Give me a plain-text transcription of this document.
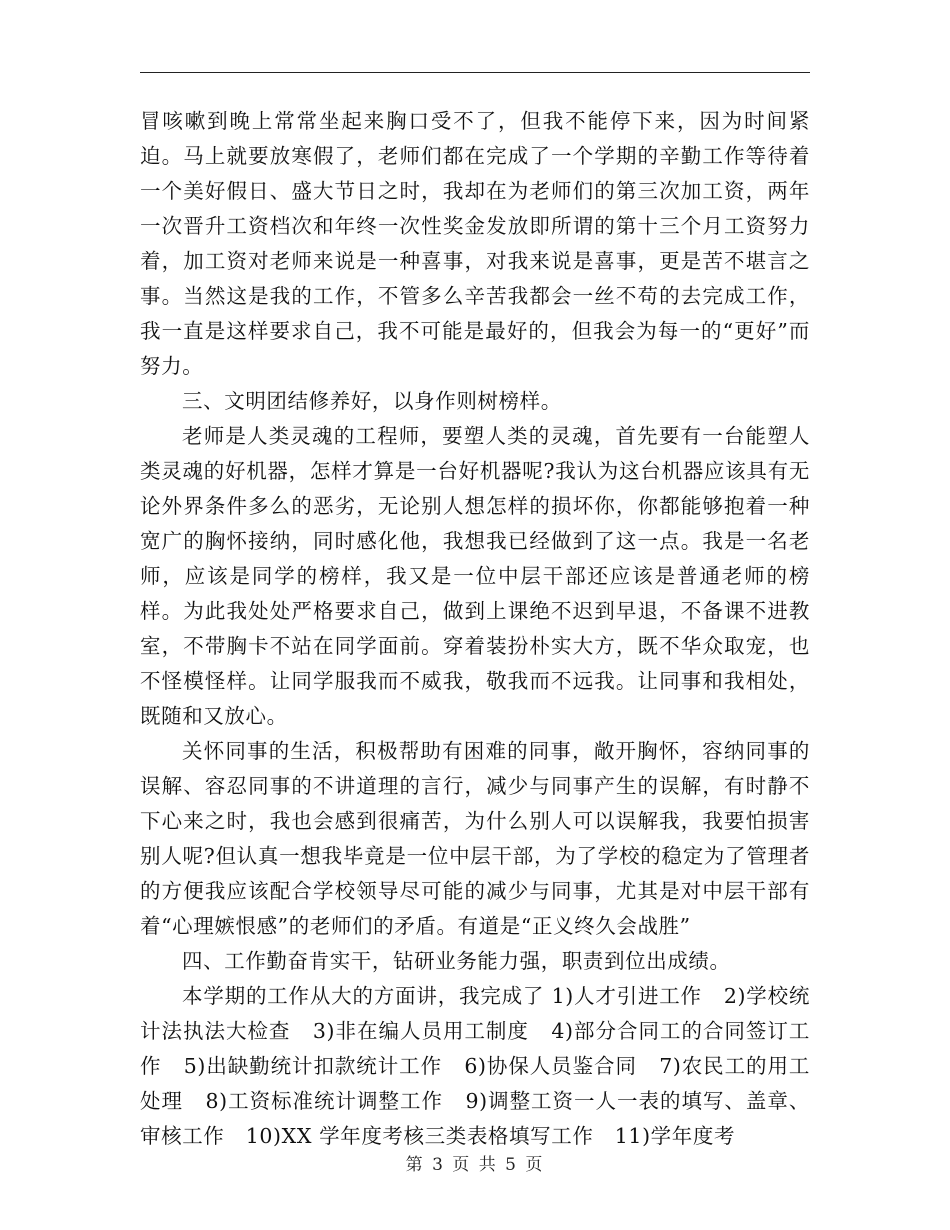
冒咳嗽到晚上常常坐起来胸口受不了，但我不能停下来，因为时间紧迫。马上就要放寒假了，老师们都在完成了一个学期的辛勤工作等待着一个美好假日、盛大节日之时，我却在为老师们的第三次加工资，两年一次晋升工资档次和年终一次性奖金发放即所谓的第十三个月工资努力着，加工资对老师来说是一种喜事，对我来说是喜事，更是苦不堪言之事。当然这是我的工作，不管多么辛苦我都会一丝不苟的去完成工作，我一直是这样要求自己，我不可能是最好的，但我会为每一的“更好”而努力。

三、文明团结修养好，以身作则树榜样。

老师是人类灵魂的工程师，要塑人类的灵魂，首先要有一台能塑人类灵魂的好机器，怎样才算是一台好机器呢?我认为这台机器应该具有无论外界条件多么的恶劣，无论别人想怎样的损坏你，你都能够抱着一种宽广的胸怀接纳，同时感化他，我想我已经做到了这一点。我是一名老师，应该是同学的榜样，我又是一位中层干部还应该是普通老师的榜样。为此我处处严格要求自己，做到上课绝不迟到早退，不备课不进教室，不带胸卡不站在同学面前。穿着装扮朴实大方，既不华众取宠，也不怪模怪样。让同学服我而不威我，敬我而不远我。让同事和我相处，既随和又放心。

关怀同事的生活，积极帮助有困难的同事，敞开胸怀，容纳同事的误解、容忍同事的不讲道理的言行，减少与同事产生的误解，有时静不下心来之时，我也会感到很痛苦，为什么别人可以误解我，我要怕损害别人呢?但认真一想我毕竟是一位中层干部，为了学校的稳定为了管理者的方便我应该配合学校领导尽可能的减少与同事，尤其是对中层干部有着“心理嫉恨感”的老师们的矛盾。有道是“正义终久会战胜”

四、工作勤奋肯实干，钻研业务能力强，职责到位出成绩。

本学期的工作从大的方面讲，我完成了 1)人才引进工作   2)学校统计法执法大检查   3)非在编人员用工制度   4)部分合同工的合同签订工作   5)出缺勤统计扣款统计工作   6)协保人员鉴合同   7)农民工的用工处理   8)工资标准统计调整工作   9)调整工资一人一表的填写、盖章、审核工作   10)XX 学年度考核三类表格填写工作   11)学年度考

第 3 页 共 5 页
